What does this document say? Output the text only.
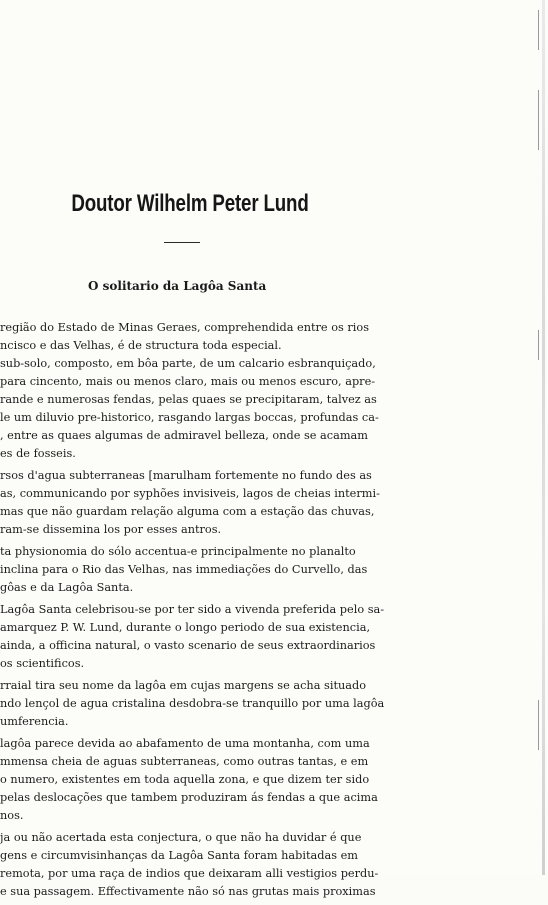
Doutor Wilhelm Peter Lund
O solitario da Lagôa Santa
região do Estado de Minas Geraes, comprehendida entre os rios
ncisco e das Velhas, é de structura toda especial.
sub-solo, composto, em bôa parte, de um calcario esbranquiçado,
para cincento, mais ou menos claro, mais ou menos escuro, apre-
rande e numerosas fendas, pelas quaes se precipitaram, talvez as
le um diluvio pre-historico, rasgando largas boccas, profundas ca-
, entre as quaes algumas de admiravel belleza, onde se acamam
es de fosseis.
rsos d'agua subterraneas [marulham fortemente no fundo des as
as, communicando por syphões invisiveis, lagos de cheias intermi-
mas que não guardam relação alguma com a estação das chuvas,
ram-se dissemina los por esses antros.
ta physionomia do sólo accentua-e principalmente no planalto
inclina para o Rio das Velhas, nas immediações do Curvello, das
gôas e da Lagôa Santa.
Lagôa Santa celebrisou-se por ter sido a vivenda preferida pelo sa-
amarquez P. W. Lund, durante o longo periodo de sua existencia,
ainda, a officina natural, o vasto scenario de seus extraordinarios
os scientificos.
rraial tira seu nome da lagôa em cujas margens se acha situado
ndo lençol de agua cristalina desdobra-se tranquillo por uma lagôa
umferencia.
lagôa parece devida ao abafamento de uma montanha, com uma
mmensa cheia de aguas subterraneas, como outras tantas, e em
o numero, existentes em toda aquella zona, e que dizem ter sido
pelas deslocações que tambem produziram ás fendas a que acima
nos.
ja ou não acertada esta conjectura, o que não ha duvidar é que
gens e circumvisinhanças da Lagôa Santa foram habitadas em
remota, por uma raça de indios que deixaram alli vestigios perdu-
e sua passagem. Effectivamente não só nas grutas mais proximas
